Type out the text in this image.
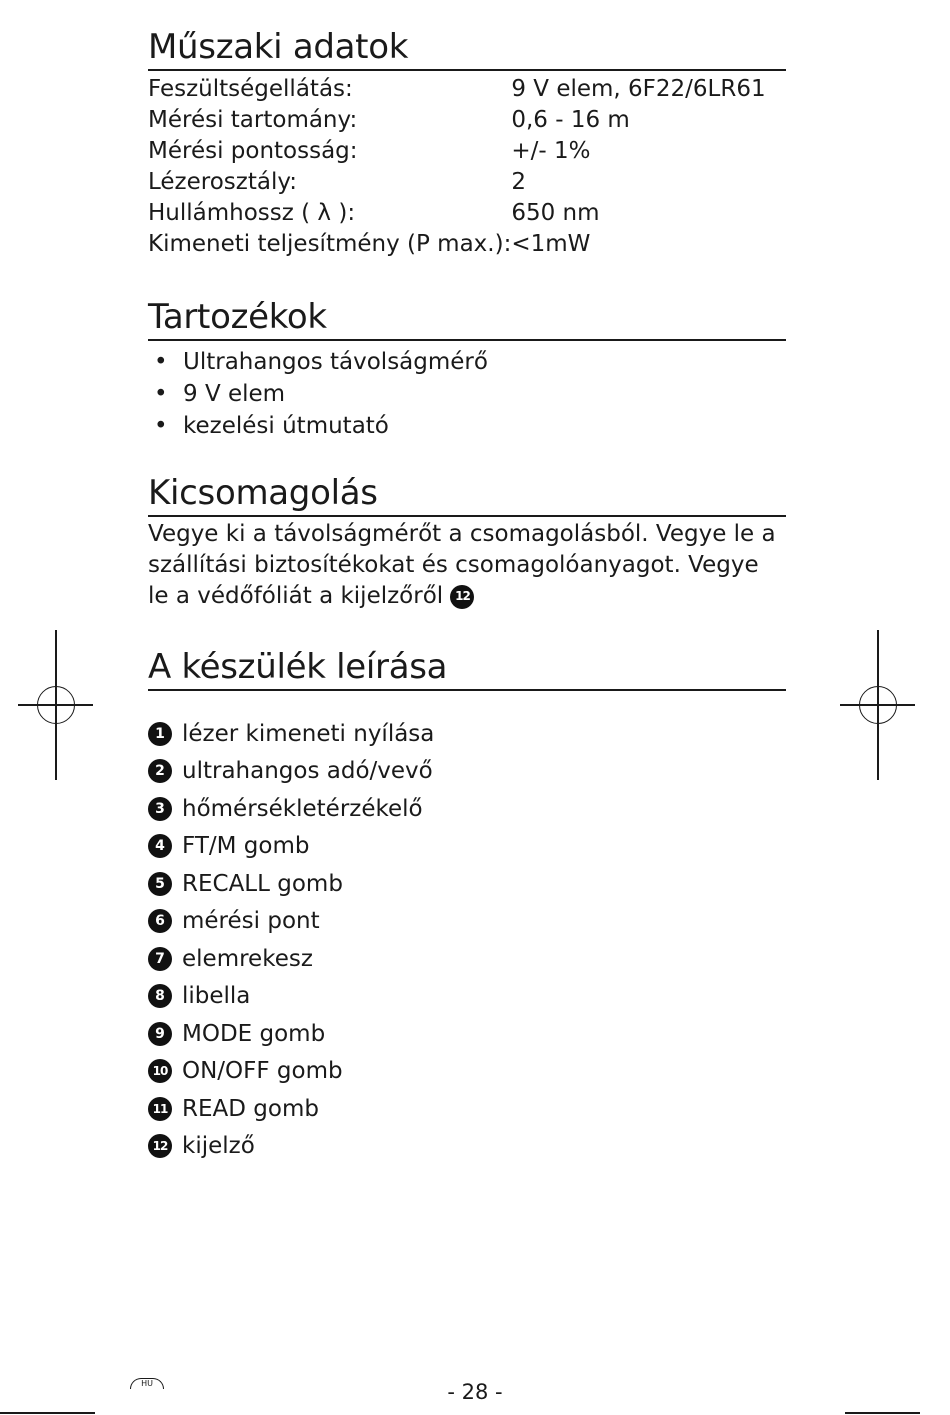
Műszaki adatok
Feszültségellátás:	9 V elem, 6F22/6LR61
Mérési tartomány:	0,6 - 16 m
Mérési pontosság:	+/- 1%
Lézerosztály:	2
Hullámhossz ( λ ):	650 nm
Kimeneti teljesítmény (P max.):	<1mW
Tartozékok
• Ultrahangos távolságmérő
• 9 V elem
• kezelési útmutató
Kicsomagolás

Vegye ki a távolságmérőt a csomagolásból. Vegye le a szállítási biztosítékokat és csomagolóanyagot. Vegye le a védőfóliát a kijelzőről 12

A készülék leírása
1 lézer kimeneti nyílása
2 ultrahangos adó/vevő
3 hőmérsékletérzékelő
4 FT/M gomb
5 RECALL gomb
6 mérési pont
7 elemrekesz
8 libella
9 MODE gomb
10 ON/OFF gomb
11 READ gomb
12 kijelző
HU	- 28 -
